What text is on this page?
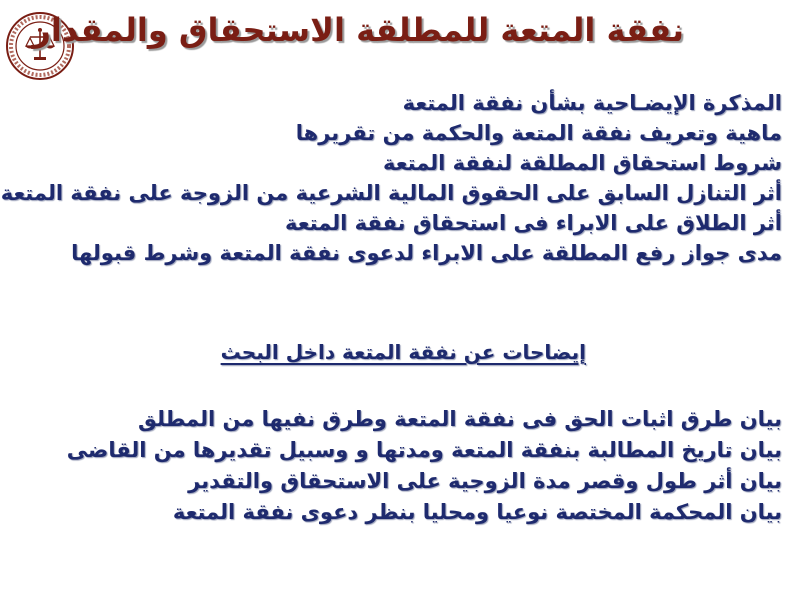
نفقة المتعة للمطلقة الاستحقاق والمقدار
المذكرة الإيضـاحية بشأن نفقة المتعة
ماهية وتعريف نفقة المتعة والحكمة من تقريرها
شروط استحقاق المطلقة لنفقة المتعة
أثر التنازل السابق على الحقوق المالية الشرعية من الزوجة على نفقة المتعة
أثر الطلاق على الابراء فى استحقاق نفقة المتعة
مدى جواز رفع المطلقة على الابراء لدعوى نفقة المتعة وشرط قبولها
إيضاحات عن نفقة المتعة داخل البحث
بيان طرق اثبات الحق فى نفقة المتعة وطرق نفيها من المطلق
بيان تاريخ المطالبة بنفقة المتعة ومدتها و وسبيل تقديرها من القاضى
بيان أثر طول وقصر مدة الزوجية على الاستحقاق والتقدير
بيان المحكمة المختصة نوعيا ومحليا بنظر دعوى نفقة المتعة
